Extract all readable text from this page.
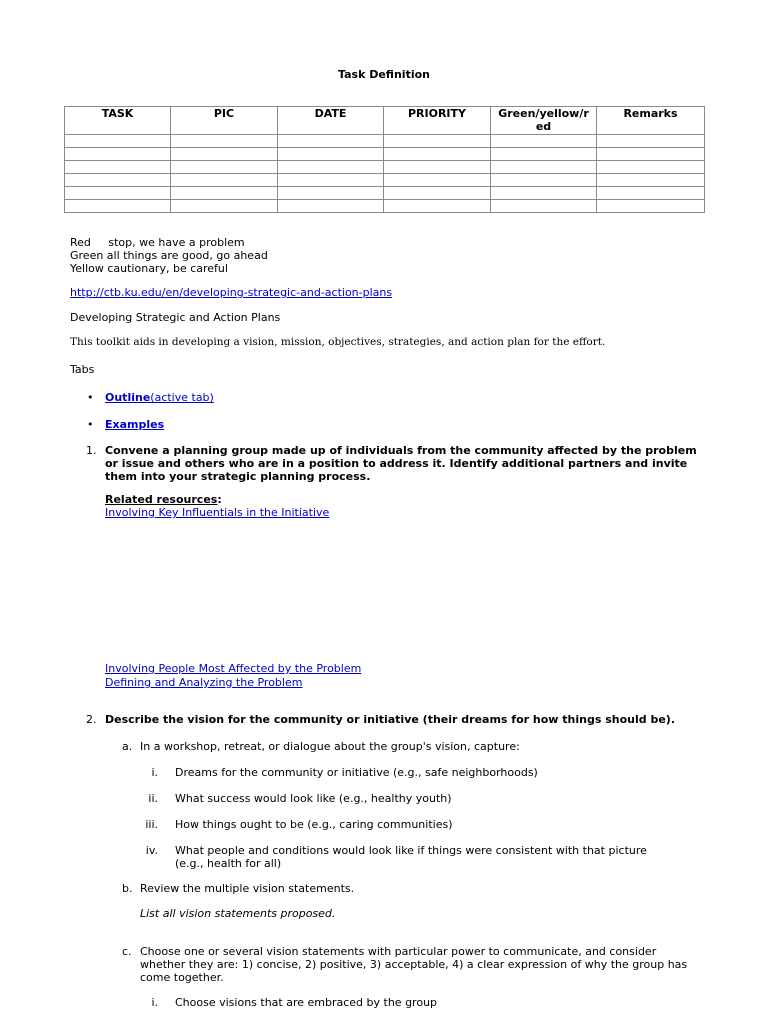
Task Definition
TASK	PIC	DATE	PRIORITY	Green/yellow/red	Remarks

Red     stop, we have a problem
Green all things are good, go ahead
Yellow cautionary, be careful
http://ctb.ku.edu/en/developing-strategic-and-action-plans
Developing Strategic and Action Plans
This toolkit aids in developing a vision, mission, objectives, strategies, and action plan for the effort.
Tabs
• Outline(active tab)
• Examples
1. Convene a planning group made up of individuals from the community affected by the problem or issue and others who are in a position to address it. Identify additional partners and invite them into your strategic planning process.
Related resources:
Involving Key Influentials in the Initiative
Involving People Most Affected by the Problem
Defining and Analyzing the Problem
2. Describe the vision for the community or initiative (their dreams for how things should be).
a. In a workshop, retreat, or dialogue about the group's vision, capture:
i. Dreams for the community or initiative (e.g., safe neighborhoods)
ii. What success would look like (e.g., healthy youth)
iii. How things ought to be (e.g., caring communities)
iv. What people and conditions would look like if things were consistent with that picture (e.g., health for all)
b. Review the multiple vision statements.
List all vision statements proposed.
c. Choose one or several vision statements with particular power to communicate, and consider whether they are: 1) concise, 2) positive, 3) acceptable, 4) a clear expression of why the group has come together.
i. Choose visions that are embraced by the group
